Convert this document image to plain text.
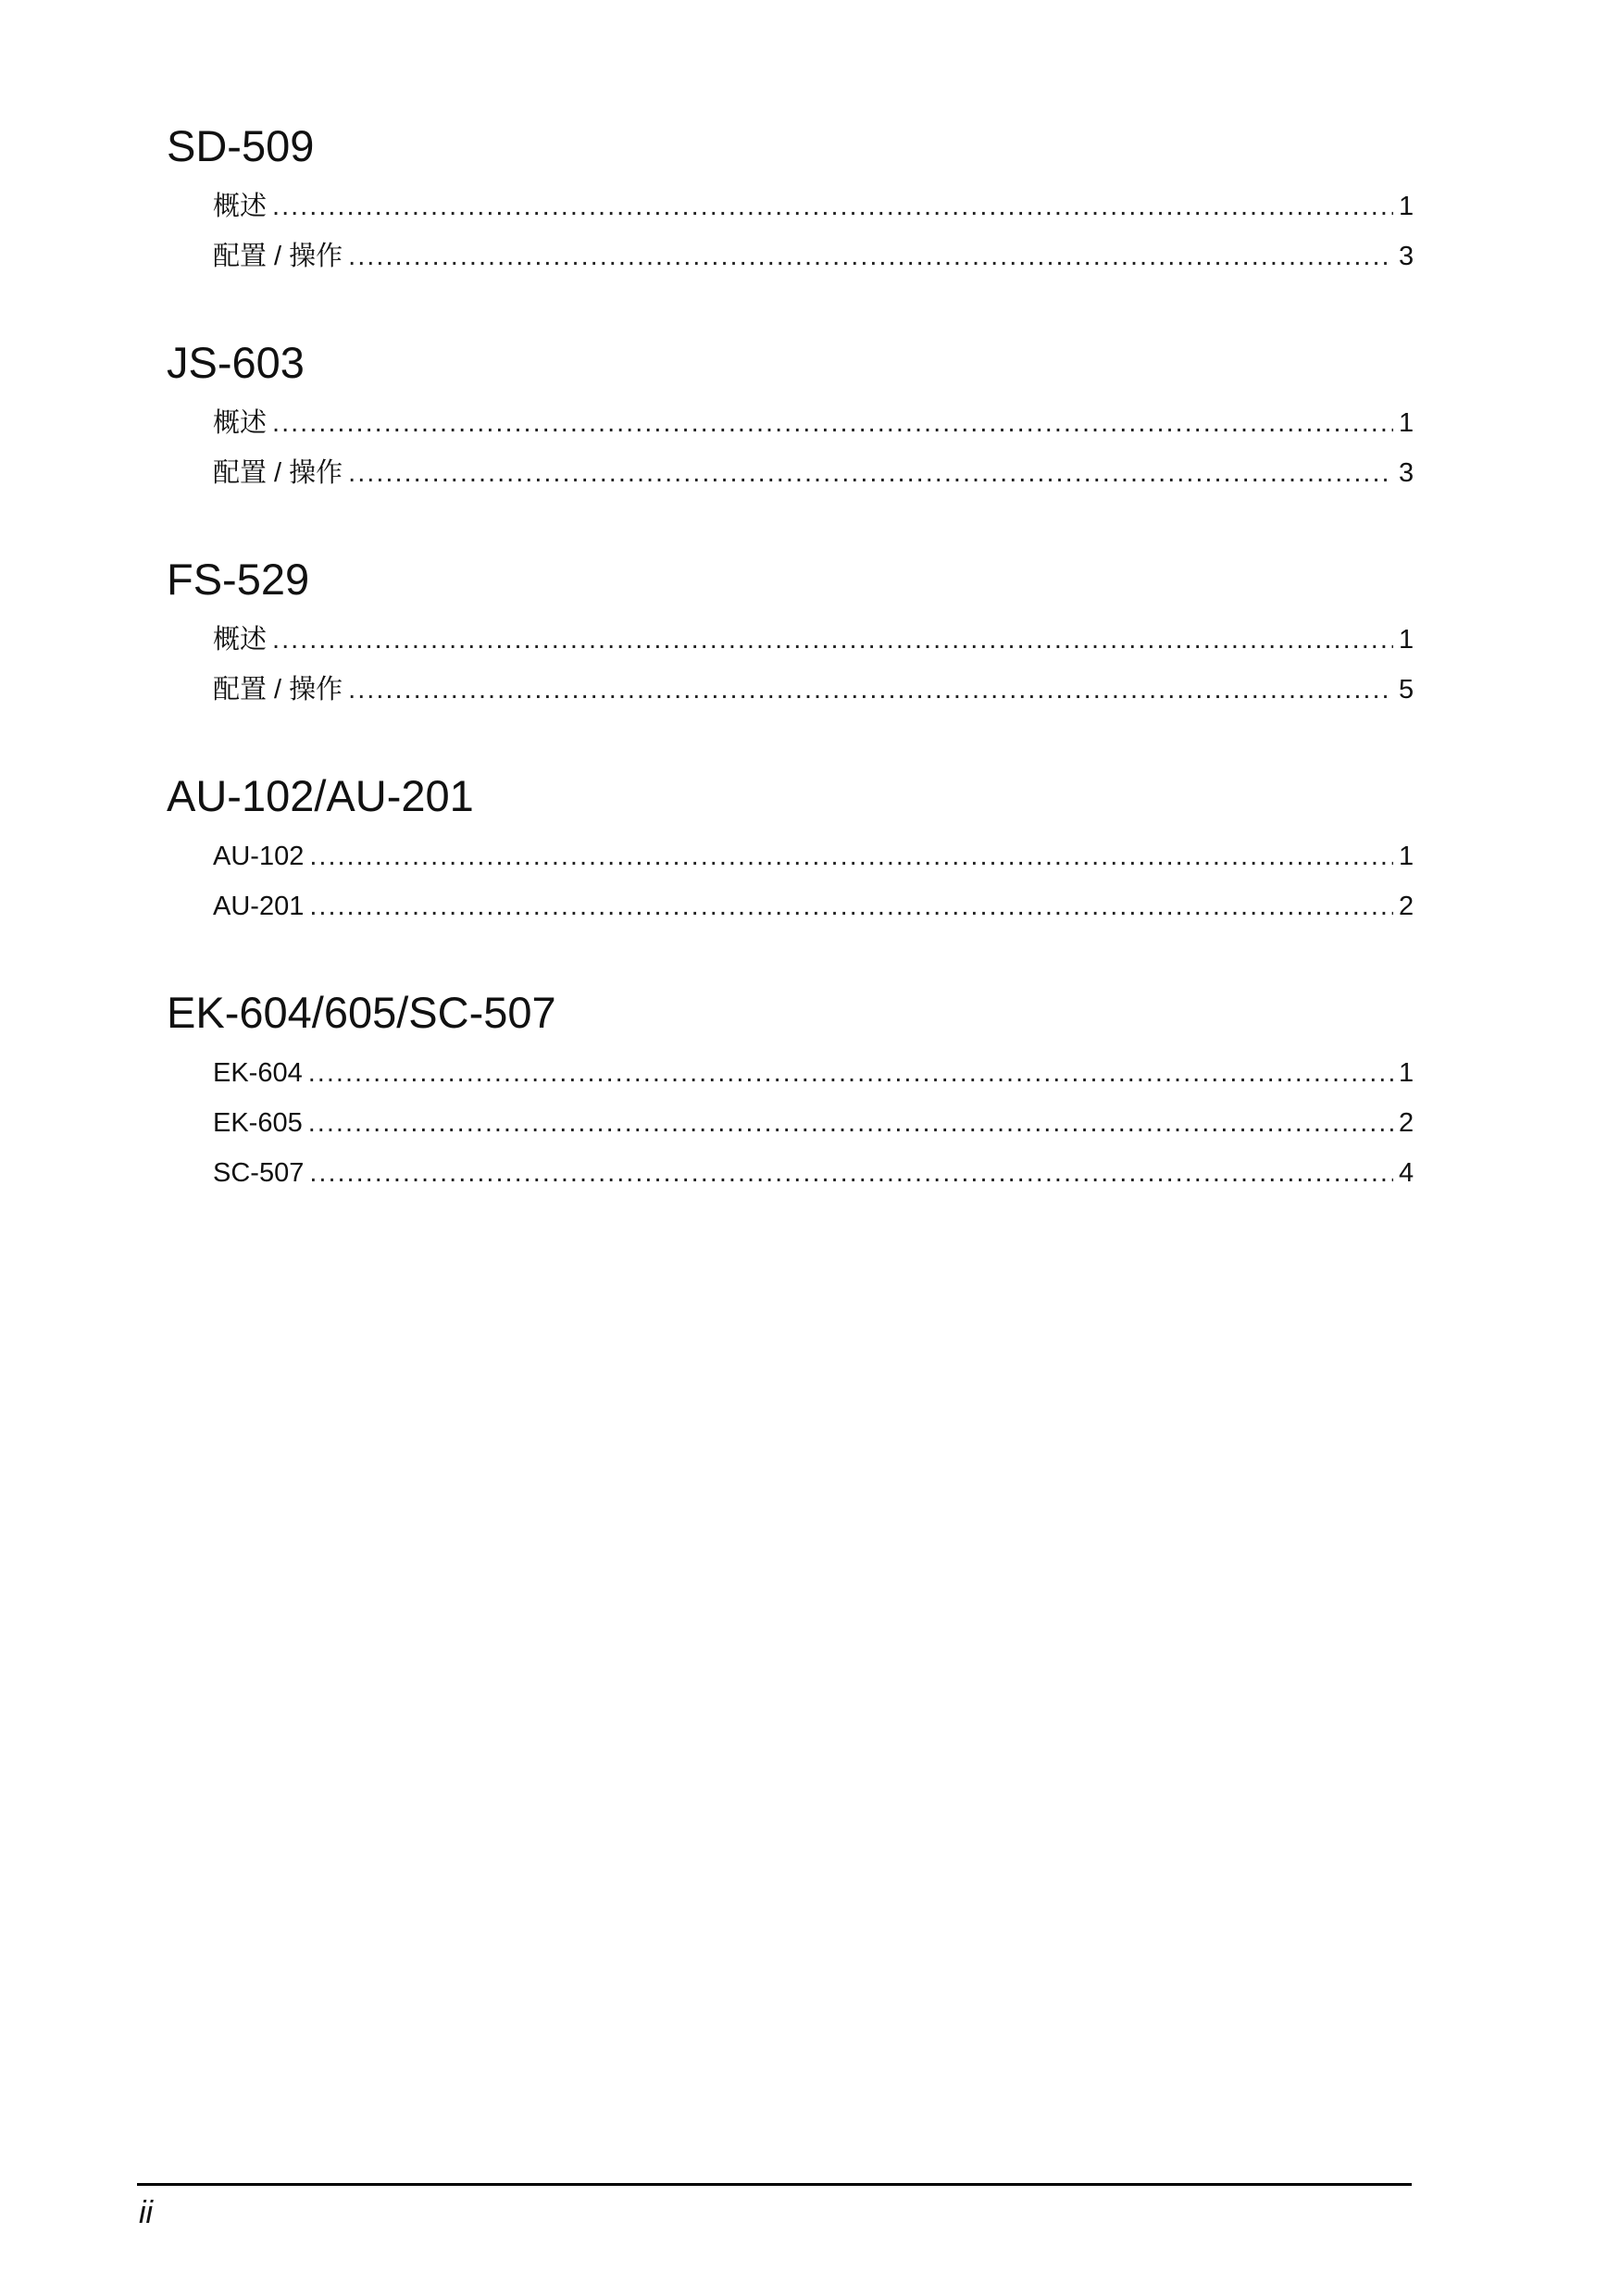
SD-509
概述 .....	1
配置 / 操作 .....	3
JS-603
概述 .....	1
配置 / 操作 .....	3
FS-529
概述 .....	1
配置 / 操作 .....	5
AU-102/AU-201
AU-102 .....	1
AU-201 .....	2
EK-604/605/SC-507
EK-604 .....	1
EK-605 .....	2
SC-507 .....	4
ii
